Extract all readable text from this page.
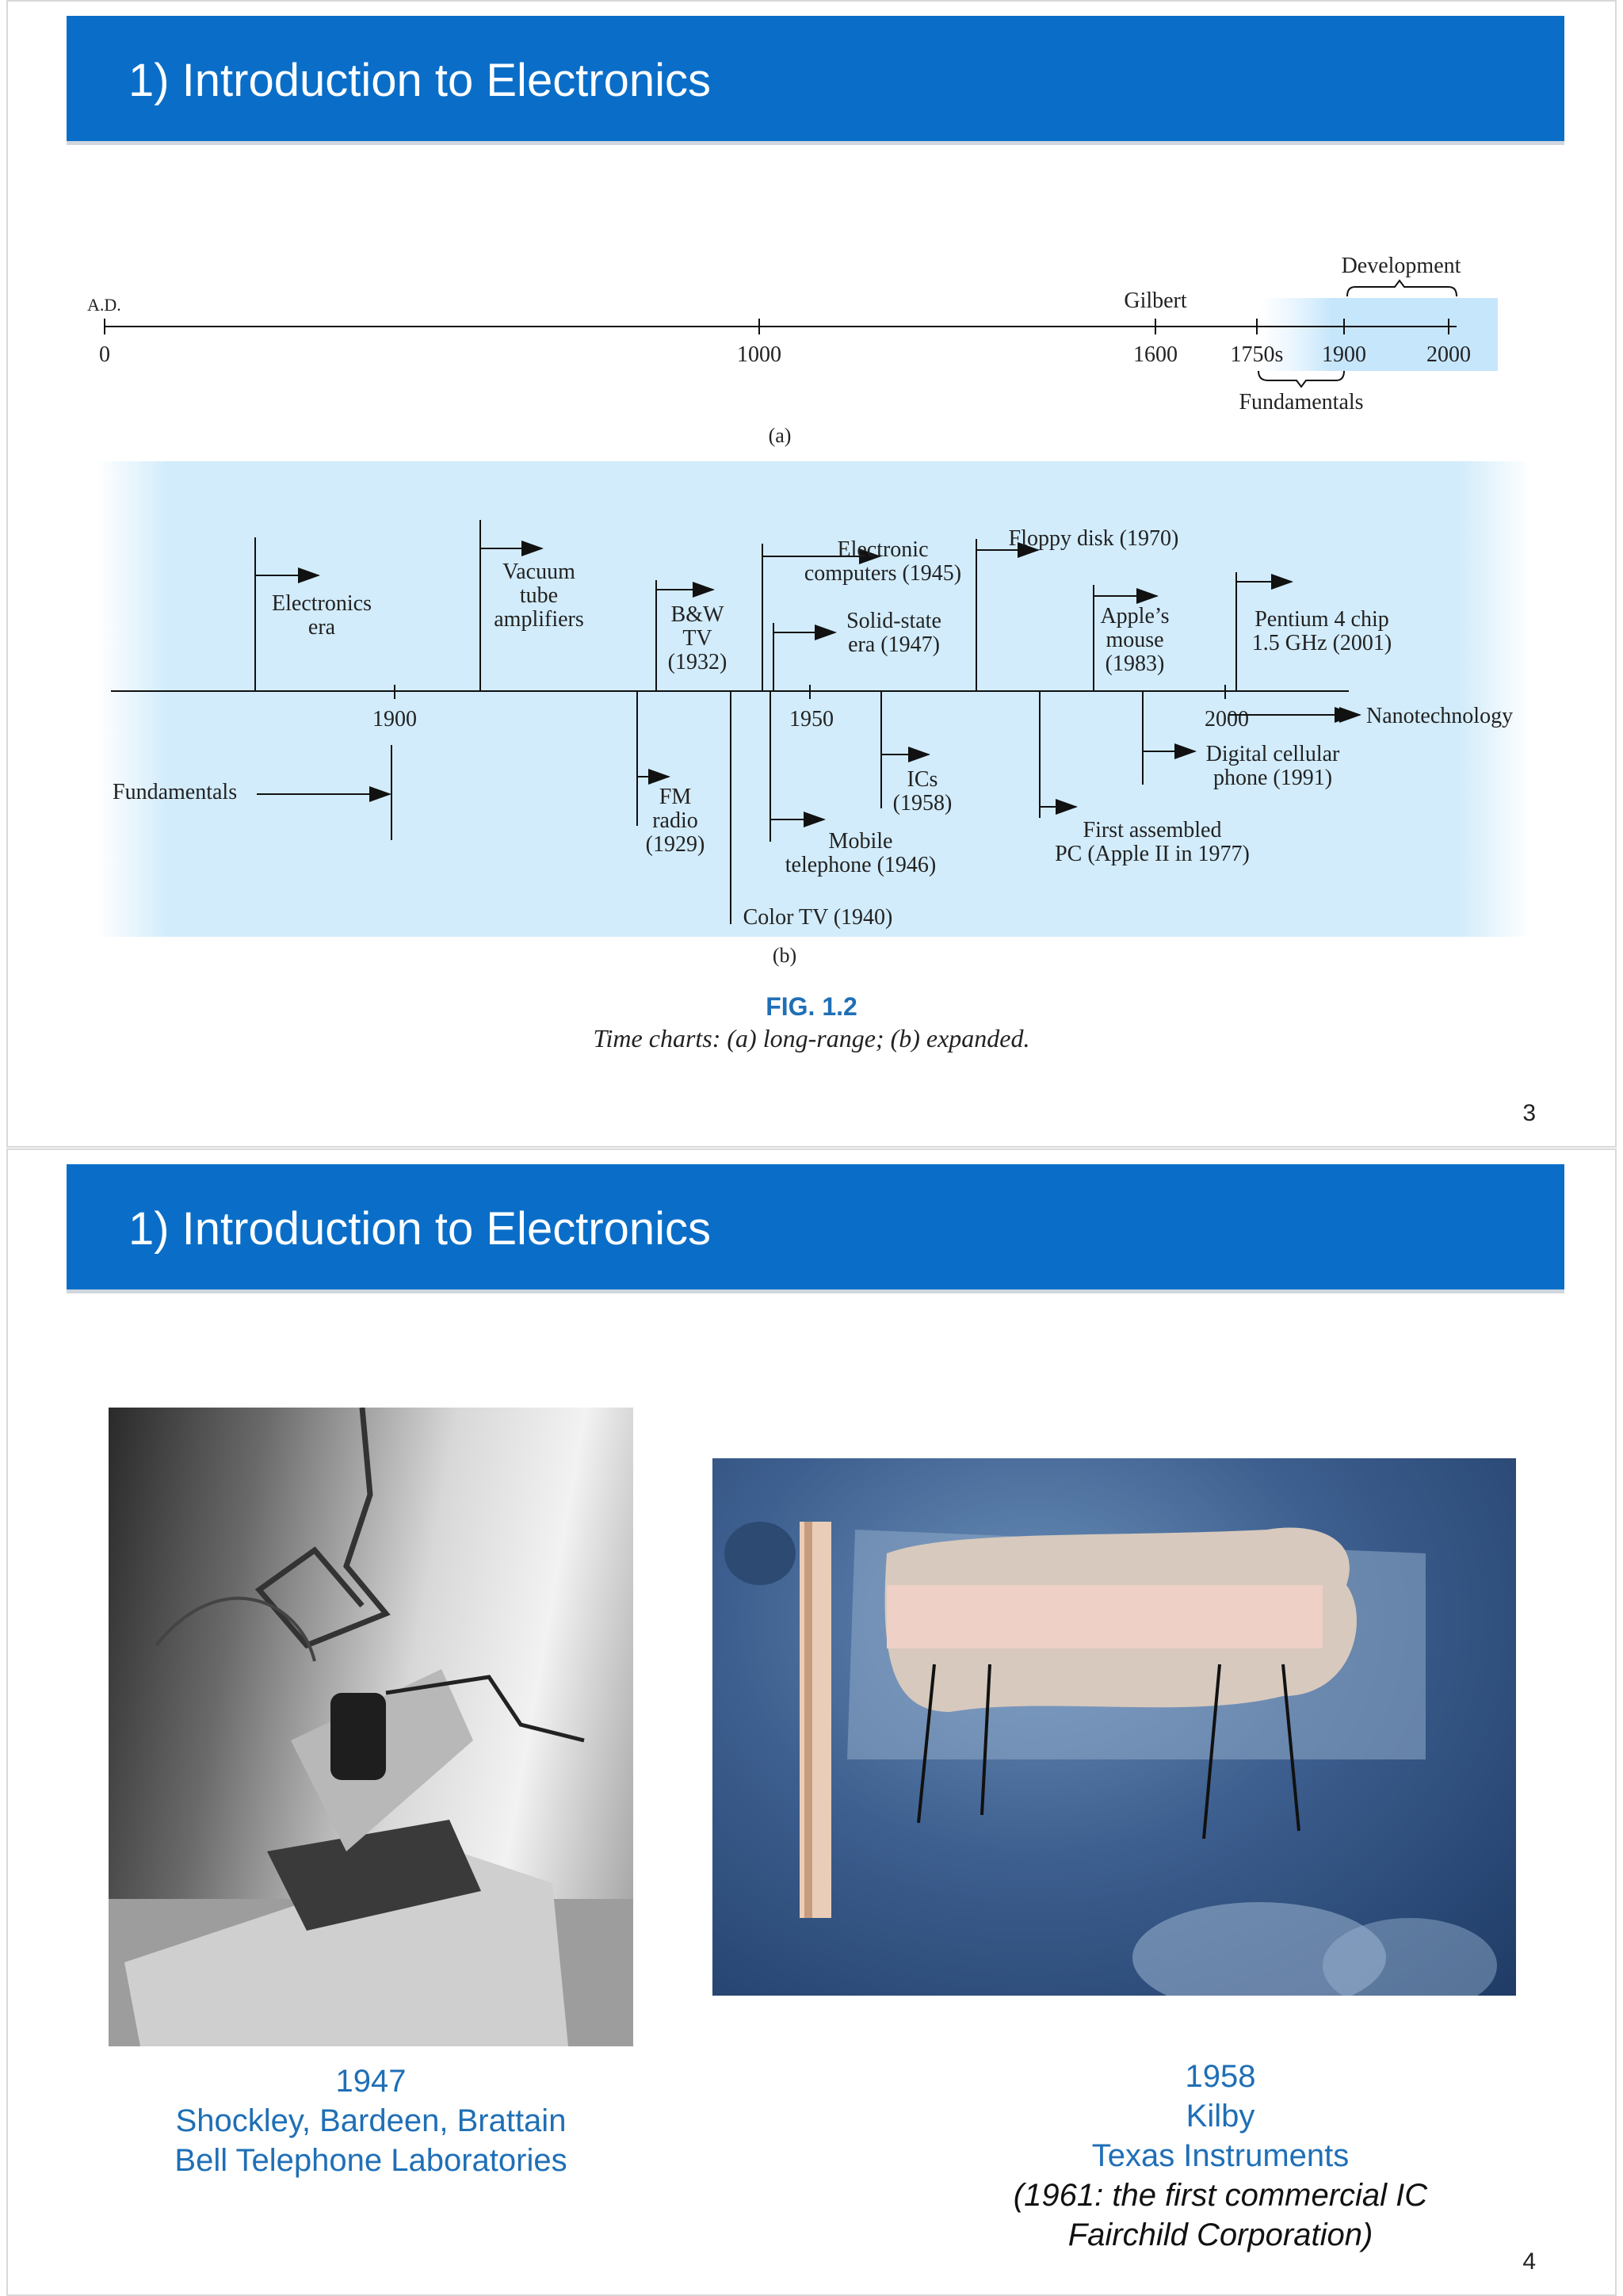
1) Introduction to Electronics
A.D.
0	1000	1600 1750s 1900	2000
Gilbert
Development
Fundamentals
(a)
1900	1950	2000
Electronics era
Vacuum tube amplifiers	B&W TV (1932)
Electronic computers (1945)
Solid-state era (1947)
Floppy disk (1970)
Apple’s mouse (1983)
Pentium 4 chip 1.5 GHz (2001)
Nanotechnology
Fundamentals	FM radio (1929)
ICs (1958)
Mobile telephone (1946)
Color TV (1940)
First assembled PC (Apple II in 1977)
Digital cellular phone (1991)
(b)
FIG. 1.2
Time charts: (a) long-range; (b) expanded.
3
1) Introduction to Electronics
1947
Shockley, Bardeen, Brattain
Bell Telephone Laboratories
1958
Kilby
Texas Instruments
(1961: the first commercial IC
Fairchild Corporation)
4
